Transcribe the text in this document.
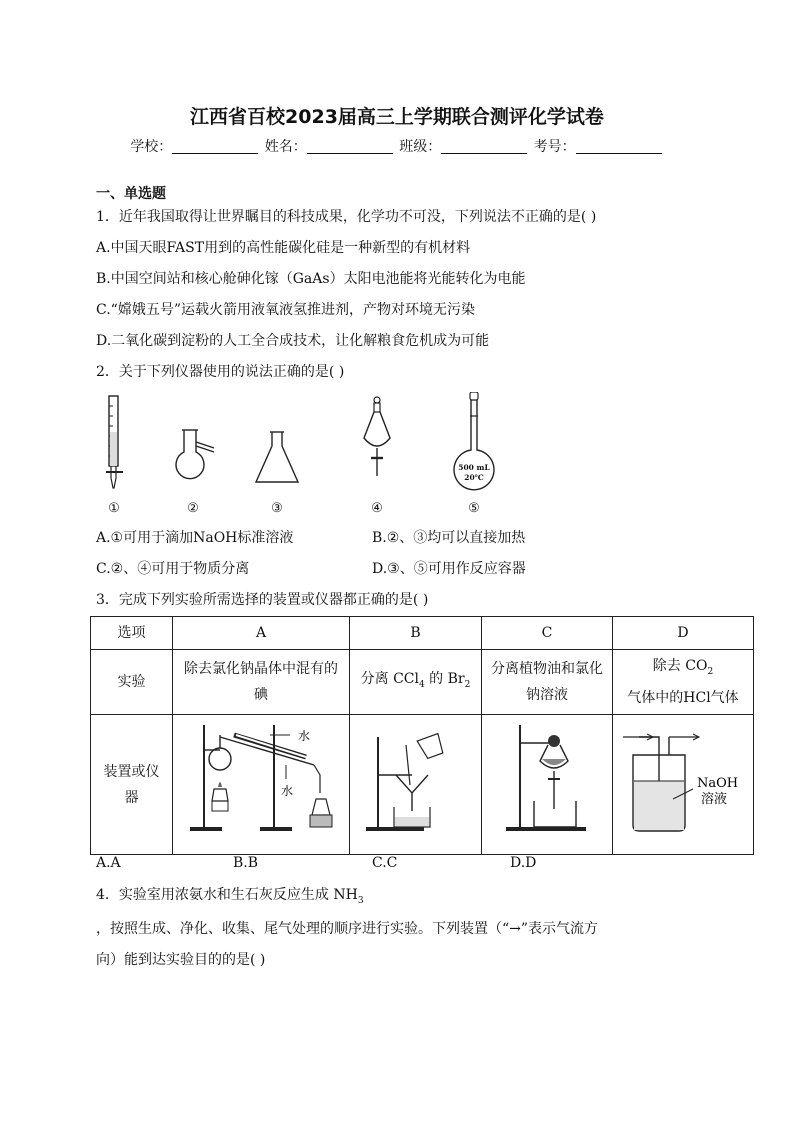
江西省百校2023届高三上学期联合测评化学试卷
学校：	姓名：	班级：	考号：
一、单选题
1．近年我国取得让世界瞩目的科技成果，化学功不可没，下列说法不正确的是( )
A.中国天眼FAST用到的高性能碳化硅是一种新型的有机材料
B.中国空间站和核心舱砷化镓（GaAs）太阳电池能将光能转化为电能
C.“嫦娥五号”运载火箭用液氧液氢推进剂，产物对环境无污染
D.二氧化碳到淀粉的人工全合成技术，让化解粮食危机成为可能
2．关于下列仪器使用的说法正确的是( )
①	②	③	④
500 mL
20℃
⑤
A.①可用于滴加NaOH标准溶液	B.②、③均可以直接加热
C.②、④可用于物质分离	D.③、⑤可用作反应容器
3．完成下列实验所需选择的装置或仪器都正确的是( )
选项	A	B	C	D
实验	除去氯化钠晶体中混有的碘	分离 CCl$_4$ 的 $Br_2$	分离植物油和氯化钠溶液	除去 $CO_2$
气体中的HCl气体
装置或仪器	水
水			NaOH
溶液
A.A	B.B	C.C	D.D
4．实验室用浓氨水和生石灰反应生成 $NH_3$
，按照生成、净化、收集、尾气处理的顺序进行实验。下列装置（“→”表示气流方
向）能到达实验目的的是( )
